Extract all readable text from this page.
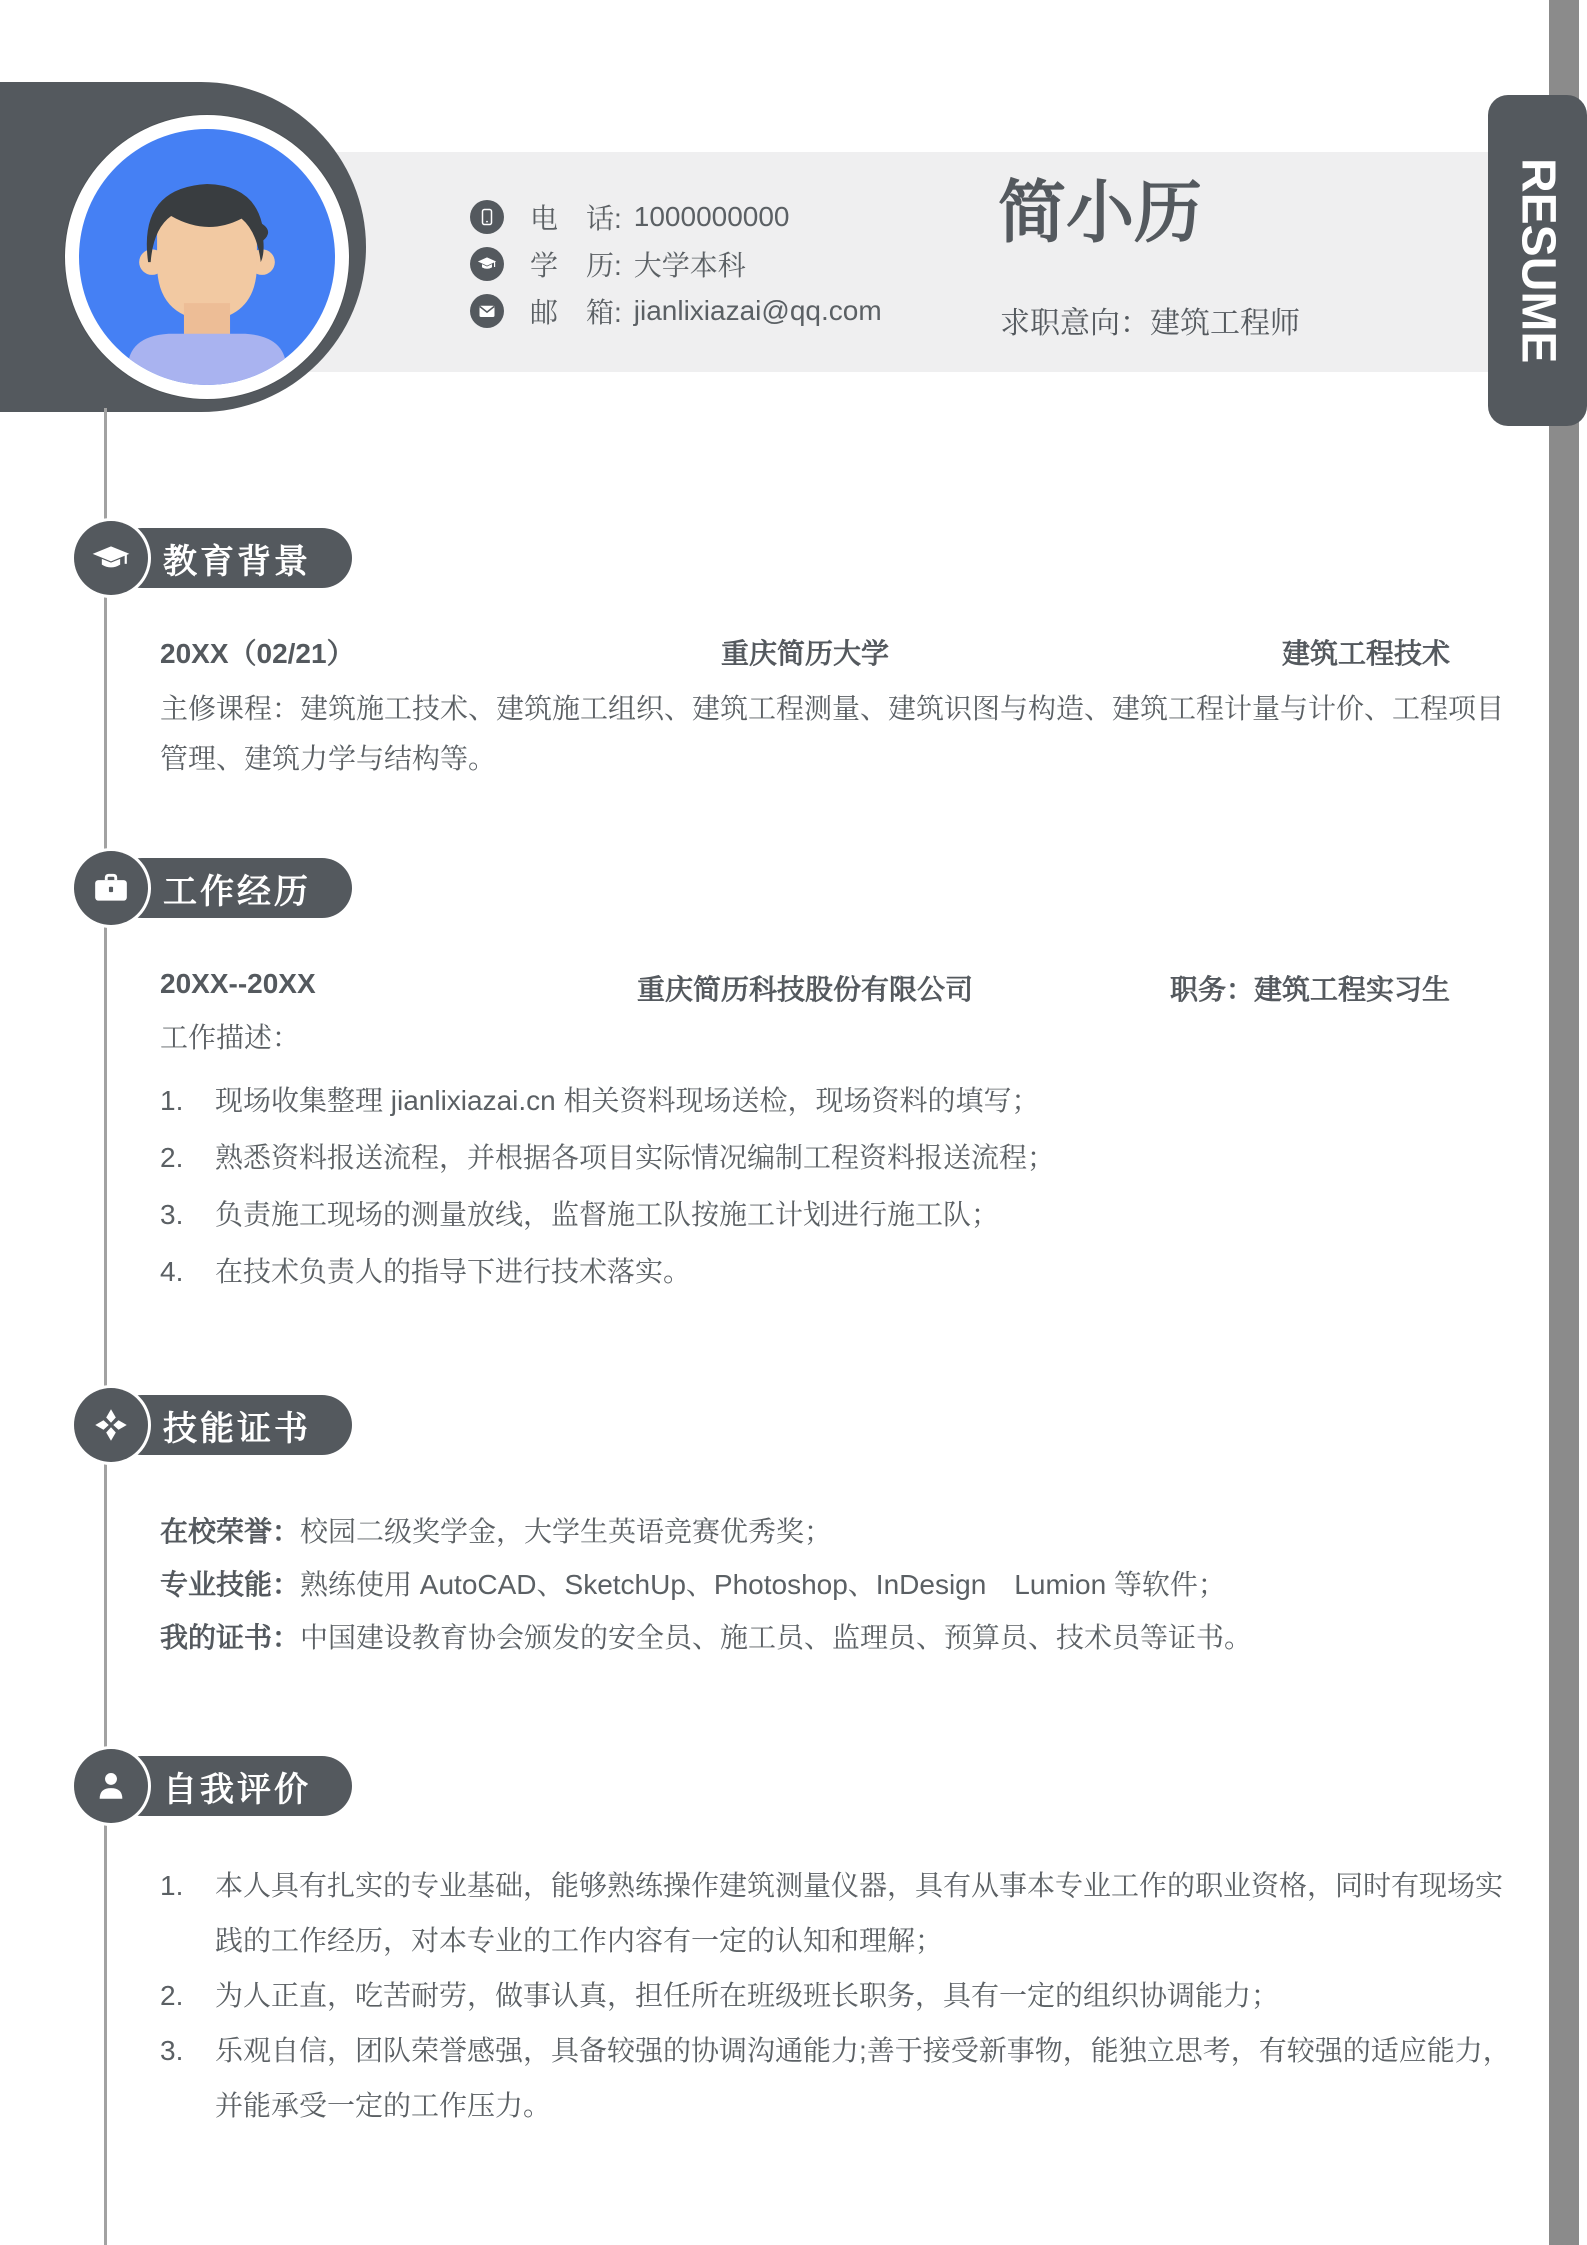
电　话: 1000000000
学　历: 大学本科
邮　箱: jianlixiazai@qq.com
简小历
求职意向：建筑工程师	RESUME
教育背景
20XX（02/21）	重庆简历大学	建筑工程技术
主修课程：建筑施工技术、建筑施工组织、建筑工程测量、建筑识图与构造、建筑工程计量与计价、工程项目管理、建筑力学与结构等。
工作经历
20XX--20XX	重庆简历科技股份有限公司	职务：建筑工程实习生
工作描述：
1.	现场收集整理 jianlixiazai.cn 相关资料现场送检，现场资料的填写；
2.	熟悉资料报送流程，并根据各项目实际情况编制工程资料报送流程；
3.	负责施工现场的测量放线，监督施工队按施工计划进行施工队；
4.	在技术负责人的指导下进行技术落实。
技能证书
在校荣誉：校园二级奖学金，大学生英语竞赛优秀奖；
专业技能：熟练使用 AutoCAD、SketchUp、Photoshop、InDesign　Lumion 等软件；
我的证书：中国建设教育协会颁发的安全员、施工员、监理员、预算员、技术员等证书。
自我评价
1.	本人具有扎实的专业基础，能够熟练操作建筑测量仪器，具有从事本专业工作的职业资格，同时有现场实践的工作经历，对本专业的工作内容有一定的认知和理解；
2.	为人正直，吃苦耐劳，做事认真，担任所在班级班长职务，具有一定的组织协调能力；
3.	乐观自信，团队荣誉感强，具备较强的协调沟通能力;善于接受新事物，能独立思考，有较强的适应能力，并能承受一定的工作压力。
